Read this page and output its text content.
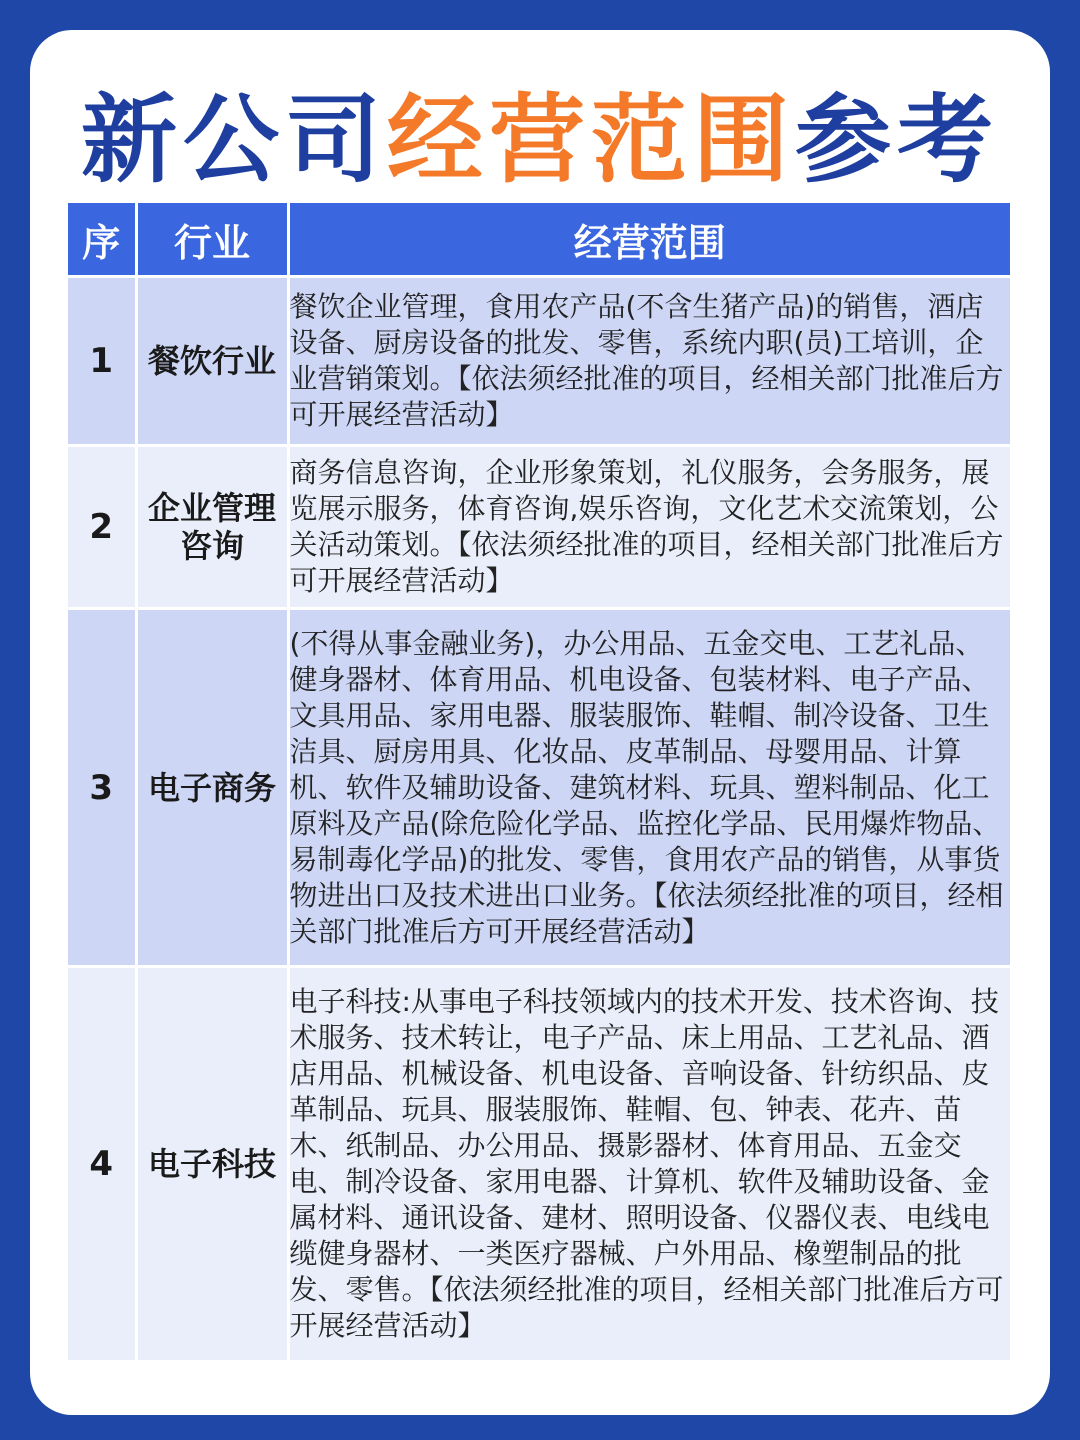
新公司经营范围参考
序	行业	经营范围
1	餐饮行业	餐饮企业管理，食用农产品(不含生猪产品)的销售，酒店设备、厨房设备的批发、零售，系统内职(员)工培训，企业营销策划。【依法须经批准的项目，经相关部门批准后方可开展经营活动】
2	企业管理咨询	商务信息咨询，企业形象策划，礼仪服务，会务服务，展览展示服务，体育咨询,娱乐咨询，文化艺术交流策划，公关活动策划。【依法须经批准的项目，经相关部门批准后方可开展经营活动】
3	电子商务	(不得从事金融业务)，办公用品、五金交电、工艺礼品、健身器材、体育用品、机电设备、包装材料、电子产品、文具用品、家用电器、服装服饰、鞋帽、制冷设备、卫生洁具、厨房用具、化妆品、皮革制品、母婴用品、计算机、软件及辅助设备、建筑材料、玩具、塑料制品、化工原料及产品(除危险化学品、监控化学品、民用爆炸物品、易制毒化学品)的批发、零售，食用农产品的销售，从事货物进出口及技术进出口业务。【依法须经批准的项目，经相关部门批准后方可开展经营活动】
4	电子科技	电子科技:从事电子科技领域内的技术开发、技术咨询、技术服务、技术转让，电子产品、床上用品、工艺礼品、酒店用品、机械设备、机电设备、音响设备、针纺织品、皮革制品、玩具、服装服饰、鞋帽、包、钟表、花卉、苗木、纸制品、办公用品、摄影器材、体育用品、五金交电、制冷设备、家用电器、计算机、软件及辅助设备、金属材料、通讯设备、建材、照明设备、仪器仪表、电线电缆健身器材、一类医疗器械、户外用品、橡塑制品的批发、零售。【依法须经批准的项目，经相关部门批准后方可开展经营活动】
